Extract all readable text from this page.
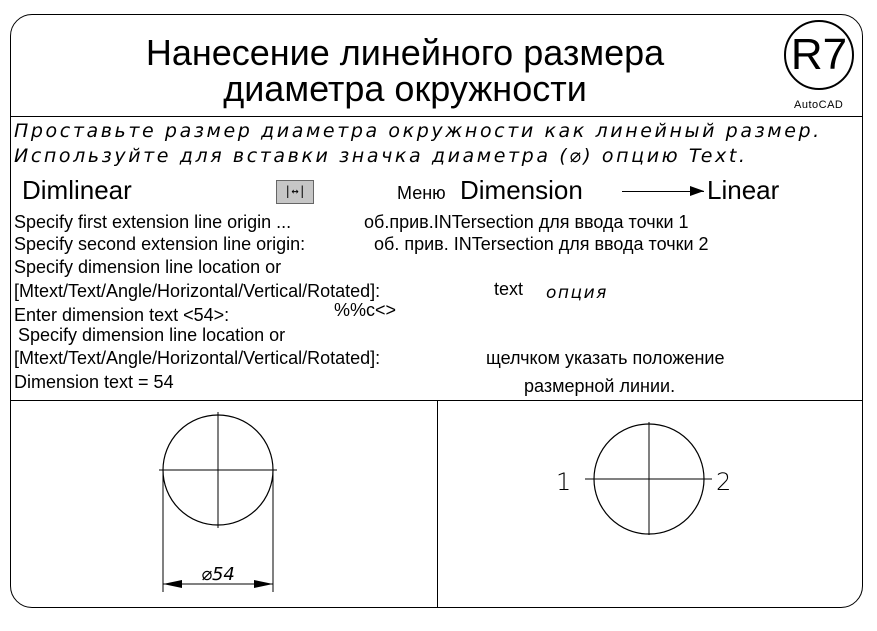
Нанесение линейного размера
диаметра окружности
R7
AutoCAD
Проставьте размер диаметра окружности как линейный размер.
Используйте для вставки значка диаметра (⌀) опцию Text.
Dimlinear	|↔|	Меню Dimension	Linear
Specify first extension line origin ...	об.прив.INTersection для ввода точки 1
Specify second extension line origin:	об. прив. INTersection для ввода точки 2
Specify dimension line location or
[Mtext/Text/Angle/Horizontal/Vertical/Rotated]:	text опция
Enter dimension text <54>:	%%c<>
Specify dimension line location or
[Mtext/Text/Angle/Horizontal/Vertical/Rotated]:	щелчком указать положение
Dimension text = 54	размерной линии.
⌀54
1	2
